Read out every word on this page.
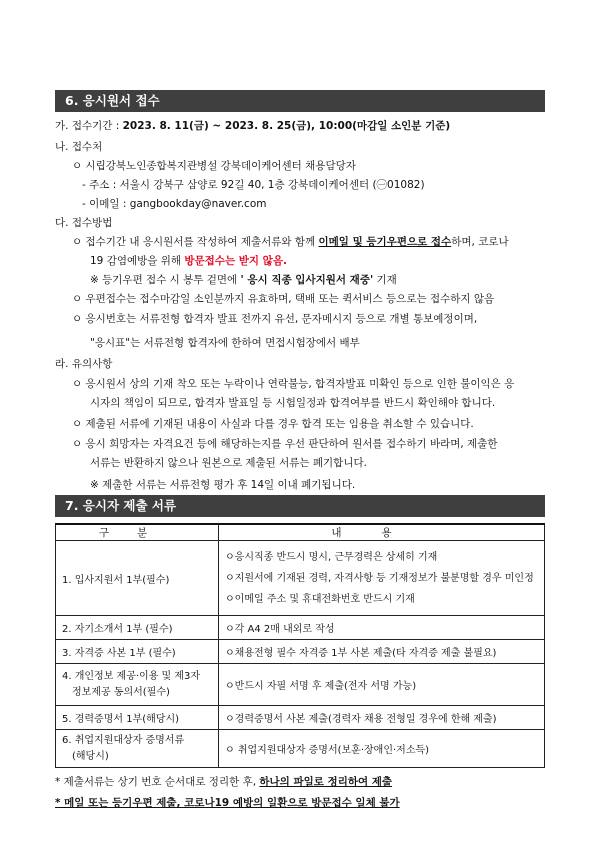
6. 응시원서 접수
가. 접수기간 : 2023. 8. 11(금) ~ 2023. 8. 25(금), 10:00(마감일 소인분 기준)
나. 접수처
ㅇ 시립강북노인종합복지관병설 강북데이케어센터 채용담당자
- 주소 : 서울시 강북구 삼양로 92길 40, 1층 강북데이케어센터 (㊀01082)
- 이메일 : gangbookday@naver.com
다. 접수방법
ㅇ 접수기간 내 응시원서를 작성하여 제출서류와 함께 이메일 및 등기우편으로 접수하며, 코로나
19 감염예방을 위해 방문접수는 받지 않음.
※ 등기우편 접수 시 봉투 겉면에 ' 응시 직종 입사지원서 재중' 기재
ㅇ 우편접수는 접수마감일 소인분까지 유효하며, 택배 또는 퀵서비스 등으로는 접수하지 않음
ㅇ 응시번호는 서류전형 합격자 발표 전까지 유선, 문자메시지 등으로 개별 통보예정이며,
"응시표"는 서류전형 합격자에 한하여 면접시험장에서 배부
라. 유의사항
ㅇ 응시원서 상의 기재 착오 또는 누락이나 연락불능, 합격자발표 미확인 등으로 인한 불이익은 응
시자의 책임이 되므로, 합격자 발표일 등 시험일정과 합격여부를 반드시 확인해야 합니다.
ㅇ 제출된 서류에 기재된 내용이 사실과 다를 경우 합격 또는 임용을 취소할 수 있습니다.
ㅇ 응시 희망자는 자격요건 등에 해당하는지를 우선 판단하여 원서를 접수하기 바라며, 제출한
서류는 반환하지 않으나 원본으로 제출된 서류는 폐기합니다.
※ 제출한 서류는 서류전형 평가 후 14일 이내 폐기됩니다.
7. 응시자 제출 서류
구분	내용
1. 입사지원서 1부(필수)	ㅇ응시직종 반드시 명시, 근무경력은 상세히 기재
ㅇ지원서에 기재된 경력, 자격사항 등 기재정보가 불분명할 경우 미인정
ㅇ이메일 주소 및 휴대전화번호 반드시 기재

2. 자기소개서 1부 (필수)	ㅇ각 A4 2매 내외로 작성
3. 자격증 사본 1부 (필수)	ㅇ채용전형 필수 자격증 1부 사본 제출(타 자격증 제출 불필요)

4. 개인정보 제공·이용 및 제3자
정보제공 동의서(필수)	ㅇ반드시 자필 서명 후 제출(전자 서명 가능)
5. 경력증명서 1부(해당시)	ㅇ경력증명서 사본 제출(경력자 채용 전형일 경우에 한해 제출)

6. 취업지원대상자 증명서류
(해당시)	ㅇ 취업지원대상자 증명서(보훈·장애인·저소득)
* 제출서류는 상기 번호 순서대로 정리한 후, 하나의 파일로 정리하여 제출
* 메일 또는 등기우편 제출, 코로나19 예방의 일환으로 방문접수 일체 불가
